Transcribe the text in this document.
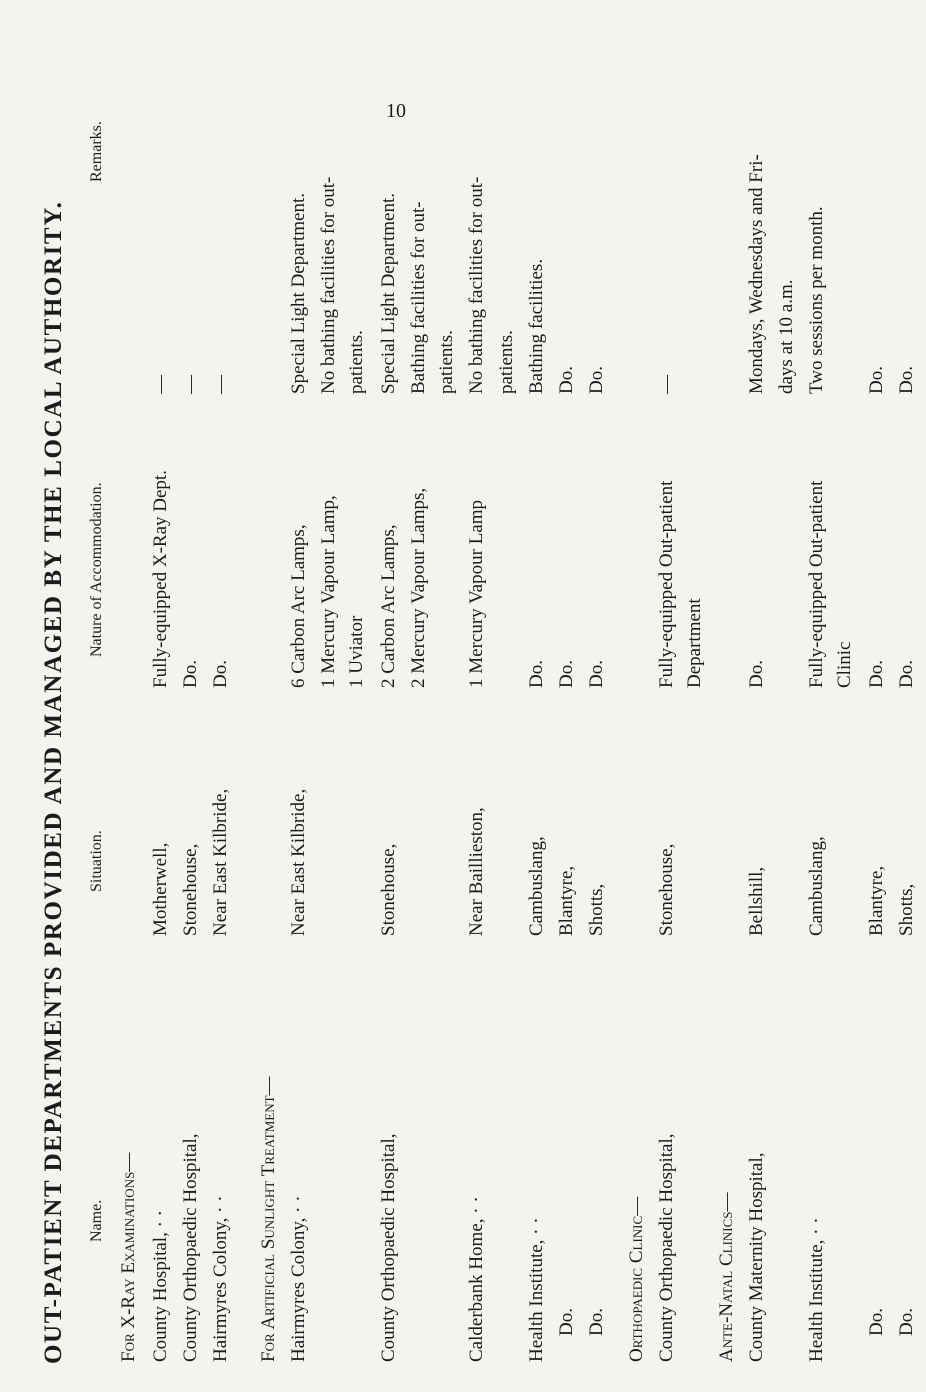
10
OUT-PATIENT DEPARTMENTS PROVIDED AND MANAGED BY THE LOCAL AUTHORITY. Name.
Situation.
Nature of Accommodation.
Remarks.
For X-Ray Examinations— County Hospital, · ·
Motherwell,
Fully-equipped X-Ray Dept.
—
County Orthopaedic Hospital,
Stonehouse,
Do.
—
Hairmyres Colony, · ·
Near East Kilbride,
Do.
—
For Artificial Sunlight Treatment— Hairmyres Colony, · ·
Near East Kilbride,
6 Carbon Arc Lamps,
Special Light Department.
1 Mercury Vapour Lamp,
No bathing facilities for out-
1 Uviator
patients.
County Orthopaedic Hospital,
Stonehouse,
2 Carbon Arc Lamps,
Special Light Department.
2 Mercury Vapour Lamps,
Bathing facilities for out- patients.
Calderbank Home, · ·
Near Baillieston,
1 Mercury Vapour Lamp
No bathing facilities for out- patients.
Health Institute, · ·
Cambuslang,
Do.
Bathing facilities.
Do.
Blantyre,
Do.
Do.
Do.
Shotts,
Do.
Do.
Orthopaedic Clinic— County Orthopaedic Hospital,
Stonehouse,
Fully-equipped Out-patient
—
Department
Ante-Natal Clinics— County Maternity Hospital,
Bellshill,
Do.
Mondays, Wednesdays and Fri- days at 10 a.m.
Health Institute, · ·
Cambuslang,
Fully-equipped Out-patient
Two sessions per month.
Clinic
Do.
Blantyre,
Do.
Do.
Do.
Shotts,
Do.
Do.
